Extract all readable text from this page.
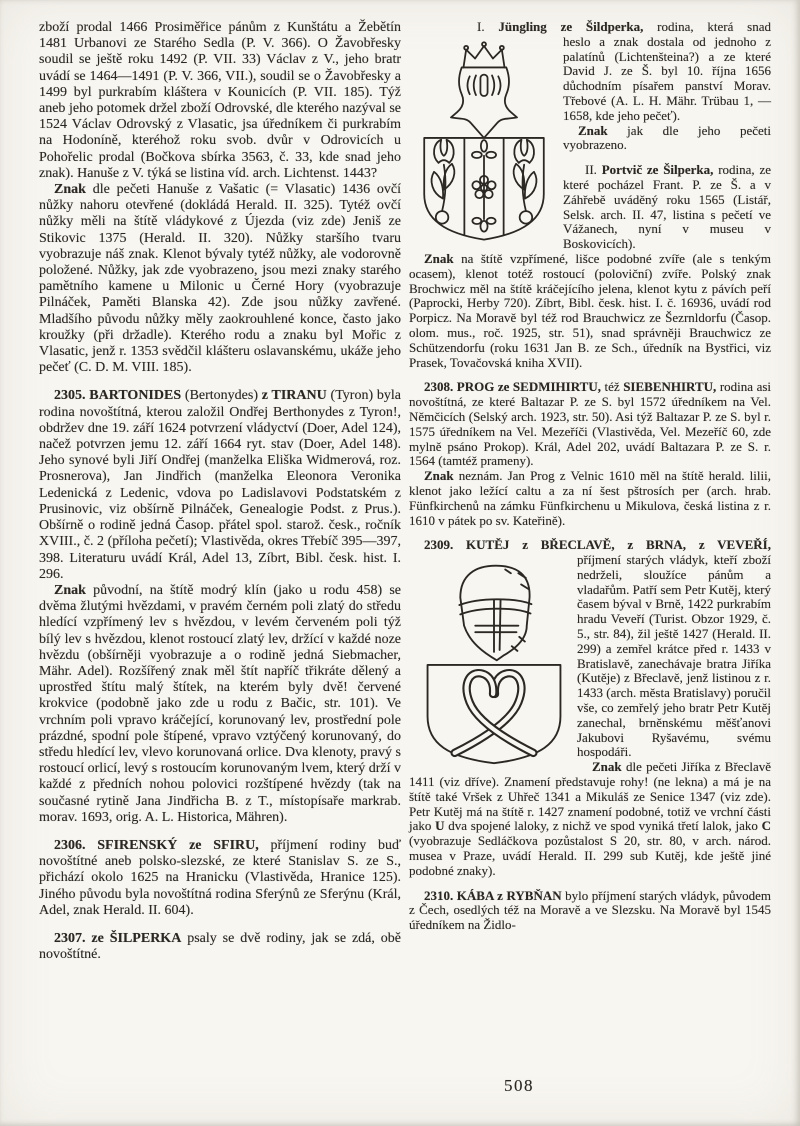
zboží prodal 1466 Prosiměřice pánům z Kunštátu a Žebětín 1481 Urbanovi ze Starého Sedla (P. V. 366). O Žavobřesky soudil se ještě roku 1492 (P. VII. 33) Václav z V., jeho bratr uvádí se 1464—1491 (P. V. 366, VII.), soudil se o Žavobřesky a 1499 byl purkrabím kláštera v Kounicích (P. VII. 185). Týž aneb jeho potomek držel zboží Odrovské, dle kterého nazýval se 1524 Václav Odrovský z Vlasatic, jsa úředníkem či purkrabím na Hodoníně, kteréhož roku svob. dvůr v Odrovicích u Pohořelic prodal (Bočkova sbírka 3563, č. 33, kde snad jeho znak). Hanuše z V. týká se listina víd. arch. Lichtenst. 1443?

Znak dle pečeti Hanuše z Vašatic (= Vlasatic) 1436 ovčí nůžky nahoru otevřené (dokládá Herald. II. 325). Tytéž ovčí nůžky měli na štítě vládykové z Újezda (viz zde) Jeniš ze Stikovic 1375 (Herald. II. 320). Nůžky staršího tvaru vyobrazuje náš znak. Klenot bývaly tytéž nůžky, ale vodorovně položené. Nůžky, jak zde vyobrazeno, jsou mezi znaky starého pamětního kamene u Milonic u Černé Hory (vyobrazuje Pilnáček, Paměti Blanska 42). Zde jsou nůžky zavřené. Mladšího původu nůžky měly zaokrouhlené konce, často jako kroužky (při držadle). Kterého rodu a znaku byl Mořic z Vlasatic, jenž r. 1353 svědčil klášteru oslavanskému, ukáže jeho pečeť (C. D. M. VIII. 185).

2305. BARTONIDES (Bertonydes) z TIRANU (Tyron) byla rodina novoštítná, kterou založil Ondřej Berthonydes z Tyron!, obdržev dne 19. září 1624 potvrzení vládyctví (Doer, Adel 124), načež potvrzen jemu 12. září 1664 ryt. stav (Doer, Adel 148). Jeho synové byli Jiří Ondřej (manželka Eliška Widmerová, roz. Prosnerova), Jan Jindřich (manželka Eleonora Veronika Ledenická z Ledenic, vdova po Ladislavovi Podstatském z Prusinovic, viz obšírně Pilnáček, Genealogie Podst. z Prus.). Obšírně o rodině jedná Časop. přátel spol. starož. česk., ročník XVIII., č. 2 (příloha pečetí); Vlastivěda, okres Třebíč 395—397, 398. Literaturu uvádí Král, Adel 13, Zíbrt, Bibl. česk. hist. I. 296.

Znak původní, na štítě modrý klín (jako u rodu 458) se dvěma žlutými hvězdami, v pravém černém poli zlatý do středu hledící vzpřímený lev s hvězdou, v levém červeném poli týž bílý lev s hvězdou, klenot rostoucí zlatý lev, držící v každé noze hvězdu (obšírněji vyobrazuje a o rodině jedná Siebmacher, Mähr. Adel). Rozšířený znak měl štít napříč třikráte dělený a uprostřed štítu malý štítek, na kterém byly dvě! červené krokvice (podobně jako zde u rodu z Bačic, str. 101). Ve vrchním poli vpravo kráčející, korunovaný lev, prostřední pole prázdné, spodní pole štípené, vpravo vztýčený korunovaný, do středu hledící lev, vlevo korunovaná orlice. Dva klenoty, pravý s rostoucí orlicí, levý s rostoucím korunovaným lvem, který drží v každé z předních nohou polovici rozštípené hvězdy (tak na současné rytině Jana Jindřicha B. z T., místopísaře markrab. morav. 1693, orig. A. L. Historica, Mähren).

2306. SFIRENSKÝ ze SFIRU, příjmení rodiny buď novoštítné aneb polsko-slezské, ze které Stanislav S. ze S., přichází okolo 1625 na Hranicku (Vlastivěda, Hranice 125). Jiného původu byla novoštítná rodina Sferýnů ze Sferýnu (Král, Adel, znak Herald. II. 604).

2307. ze ŠILPERKA psaly se dvě rodiny, jak se zdá, obě novoštítné.

I. Jüngling ze Šildperka, rodina, která snad

heslo a znak dostala od jednoho z palatínů (Lichtenšteina?) a ze které David J. ze Š. byl 10. října 1656 důchodním písařem panství Morav. Třebové (A. L. H. Mähr. Trübau 1, —1658, kde jeho pečeť).

Znak jak dle jeho pečeti vyobrazeno.

II. Portvič ze Šilperka, rodina, ze které pocházel Frant. P. ze Š. a v Záhřebě uváděný roku 1565 (Listář, Selsk. arch. II. 47, listina s pečetí ve Vážanech, nyní v museu v Boskovicích).

Znak na štítě vzpřímené, lišce podobné zvíře (ale s tenkým ocasem), klenot totéž rostoucí (poloviční) zvíře. Polský znak Brochwicz měl na štítě kráčejícího jelena, klenot kytu z pávích peří (Paprocki, Herby 720). Zíbrt, Bibl. česk. hist. I. č. 16936, uvádí rod Porpicz. Na Moravě byl též rod Brauchwicz ze Šezrnldorfu (Časop. olom. mus., roč. 1925, str. 51), snad správněji Brauchwicz ze Schützendorfu (roku 1631 Jan B. ze Sch., úředník na Bystřici, viz Prasek, Tovačovská kniha XVII).

2308. PROG ze SEDMIHIRTU, též SIEBENHIRTU, rodina asi novoštítná, ze které Baltazar P. ze S. byl 1572 úředníkem na Vel. Němčicích (Selský arch. 1923, str. 50). Asi týž Baltazar P. ze S. byl r. 1575 úředníkem na Vel. Mezeříči (Vlastivěda, Vel. Mezeříč 60, zde mylně psáno Prokop). Král, Adel 202, uvádí Baltazara P. ze S. r. 1564 (tamtéž prameny).

Znak neznám. Jan Prog z Velnic 1610 měl na štítě herald. lilii, klenot jako ležící caltu a za ní šest pštrosích per (arch. hrab. Fünfkirchenů na zámku Fünfkirchenu u Mikulova, česká listina z r. 1610 v pátek po sv. Kateřině).

2309. KUTĚJ z BŘECLAVĚ, z BRNA, z VEVEŘÍ,

příjmení starých vládyk, kteří zboží nedrželi, sloužíce pánům a vladařům. Patří sem Petr Kutěj, který časem býval v Brně, 1422 purkrabím hradu Veveří (Turist. Obzor 1929, č. 5., str. 84), žil ještě 1427 (Herald. II. 299) a zemřel krátce před r. 1433 v Bratislavě, zanechávaje bratra Jiříka (Kutěje) z Břeclavě, jenž listinou z r. 1433 (arch. města Bratislavy) poručil vše, co zemřelý jeho bratr Petr Kutěj zanechal, brněnskému měšťanovi Jakubovi Ryšavému, svému hospodáři.

Znak dle pečeti Jiříka z Břeclavě 1411 (viz dříve). Znamení představuje rohy! (ne lekna) a má je na štítě také Vršek z Uhřeč 1341 a Mikuláš ze Senice 1347 (viz zde). Petr Kutěj má na štítě r. 1427 znamení podobné, totiž ve vrchní části jako U dva spojené laloky, z nichž ve spod vyniká třetí lalok, jako C (vyobrazuje Sedláčkova pozůstalost S 20, str. 80, v arch. národ. musea v Praze, uvádí Herald. II. 299 sub Kutěj, kde ještě jiné podobné znaky).

2310. KÁBA z RYBŇAN bylo příjmení starých vládyk, původem z Čech, osedlých též na Moravě a ve Slezsku. Na Moravě byl 1545 úředníkem na Židlo-

508
